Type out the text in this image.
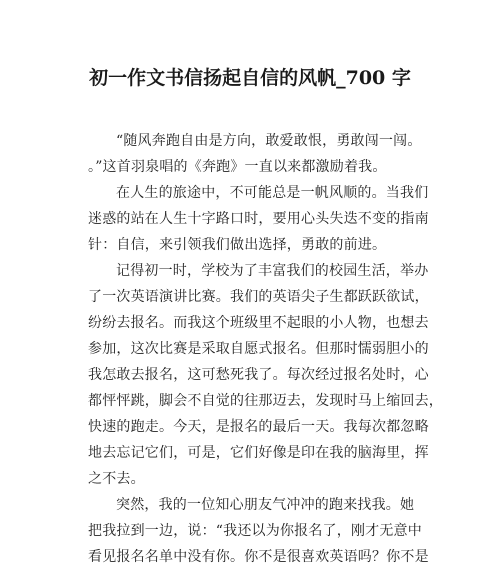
初一作文书信扬起自信的风帆_700 字
“随风奔跑自由是方向，敢爱敢恨，勇敢闯一闯。
。”这首羽泉唱的《奔跑》一直以来都激励着我。
在人生的旅途中，不可能总是一帆风顺的。当我们
迷惑的站在人生十字路口时，要用心头失迭不变的指南
针：自信，来引领我们做出选择，勇敢的前进。
记得初一时，学校为了丰富我们的校园生活，举办
了一次英语演讲比赛。我们的英语尖子生都跃跃欲试，
纷纷去报名。而我这个班级里不起眼的小人物，也想去
参加，这次比赛是采取自愿式报名。但那时懦弱胆小的
我怎敢去报名，这可愁死我了。每次经过报名处时，心
都怦怦跳，脚会不自觉的往那迈去，发现时马上缩回去，
快速的跑走。今天，是报名的最后一天。我每次都忽略
地去忘记它们，可是，它们好像是印在我的脑海里，挥
之不去。
突然，我的一位知心朋友气冲冲的跑来找我。她
把我拉到一边，说：“我还以为你报名了，刚才无意中
看见报名名单中没有你。你不是很喜欢英语吗？你不是
